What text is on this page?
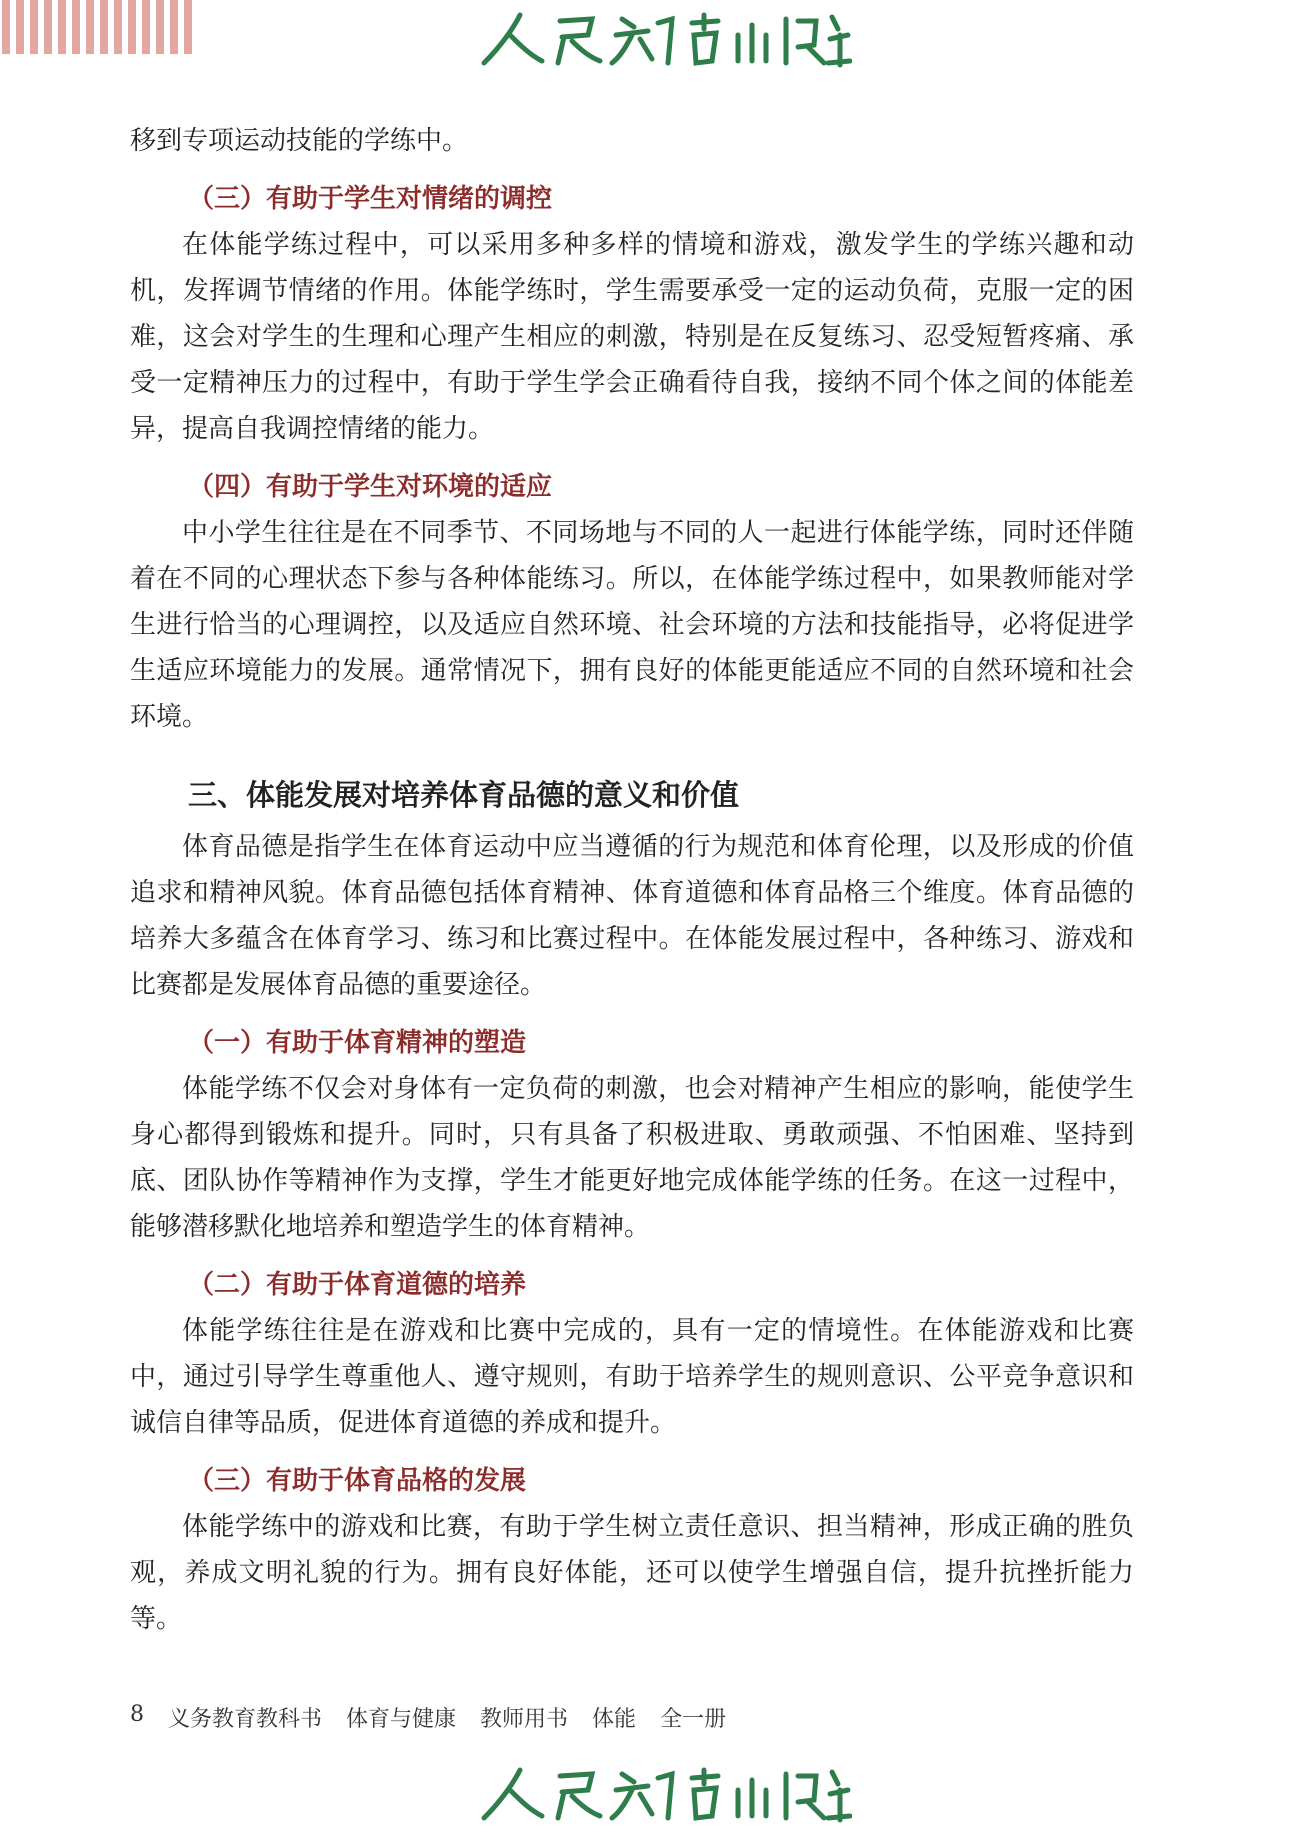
移到专项运动技能的学练中。

（三）有助于学生对情绪的调控

在体能学练过程中，可以采用多种多样的情境和游戏，激发学生的学练兴趣和动机，发挥调节情绪的作用。体能学练时，学生需要承受一定的运动负荷，克服一定的困难，这会对学生的生理和心理产生相应的刺激，特别是在反复练习、忍受短暂疼痛、承受一定精神压力的过程中，有助于学生学会正确看待自我，接纳不同个体之间的体能差异，提高自我调控情绪的能力。

（四）有助于学生对环境的适应

中小学生往往是在不同季节、不同场地与不同的人一起进行体能学练，同时还伴随着在不同的心理状态下参与各种体能练习。所以，在体能学练过程中，如果教师能对学生进行恰当的心理调控，以及适应自然环境、社会环境的方法和技能指导，必将促进学生适应环境能力的发展。通常情况下，拥有良好的体能更能适应不同的自然环境和社会环境。

三、体能发展对培养体育品德的意义和价值

体育品德是指学生在体育运动中应当遵循的行为规范和体育伦理，以及形成的价值追求和精神风貌。体育品德包括体育精神、体育道德和体育品格三个维度。体育品德的培养大多蕴含在体育学习、练习和比赛过程中。在体能发展过程中，各种练习、游戏和比赛都是发展体育品德的重要途径。

（一）有助于体育精神的塑造

体能学练不仅会对身体有一定负荷的刺激，也会对精神产生相应的影响，能使学生身心都得到锻炼和提升。同时，只有具备了积极进取、勇敢顽强、不怕困难、坚持到底、团队协作等精神作为支撑，学生才能更好地完成体能学练的任务。在这一过程中，能够潜移默化地培养和塑造学生的体育精神。

（二）有助于体育道德的培养

体能学练往往是在游戏和比赛中完成的，具有一定的情境性。在体能游戏和比赛中，通过引导学生尊重他人、遵守规则，有助于培养学生的规则意识、公平竞争意识和诚信自律等品质，促进体育道德的养成和提升。

（三）有助于体育品格的发展

体能学练中的游戏和比赛，有助于学生树立责任意识、担当精神，形成正确的胜负观，养成文明礼貌的行为。拥有良好体能，还可以使学生增强自信，提升抗挫折能力等。

8 义务教育教科书 体育与健康 教师用书 体能 全一册
